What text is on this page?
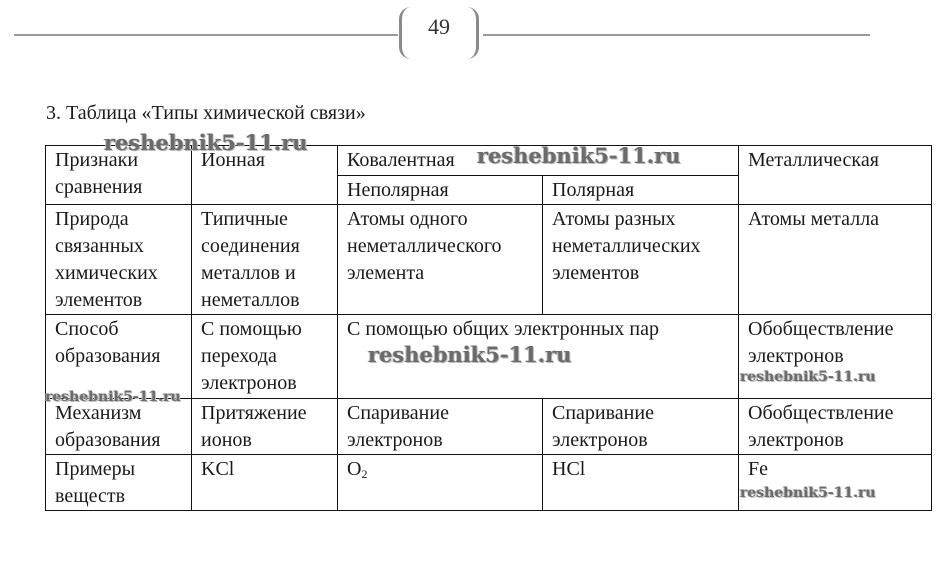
49
3. Таблица «Типы химической связи»
Признаки сравнения	Ионная	Ковалентная		Металлическая
		Неполярная	Полярная	
Природа связанных химических элементов	Типичные соединения металлов и неметаллов	Атомы одного неметаллического элемента	Атомы разных неметаллических элементов	Атомы металла
Способ образования	С помощью перехода электронов	С помощью общих электронных пар		Обобществление электронов
Механизм образования	Притяжение ионов	Спаривание электронов	Спаривание электронов	Обобществление электронов
Примеры веществ	KCl	$O_2$	HCl	Fe
reshebnik5-11.ru
reshebnik5-11.ru
reshebnik5-11.ru
reshebnik5-11.ru
reshebnik5-11.ru
reshebnik5-11.ru
